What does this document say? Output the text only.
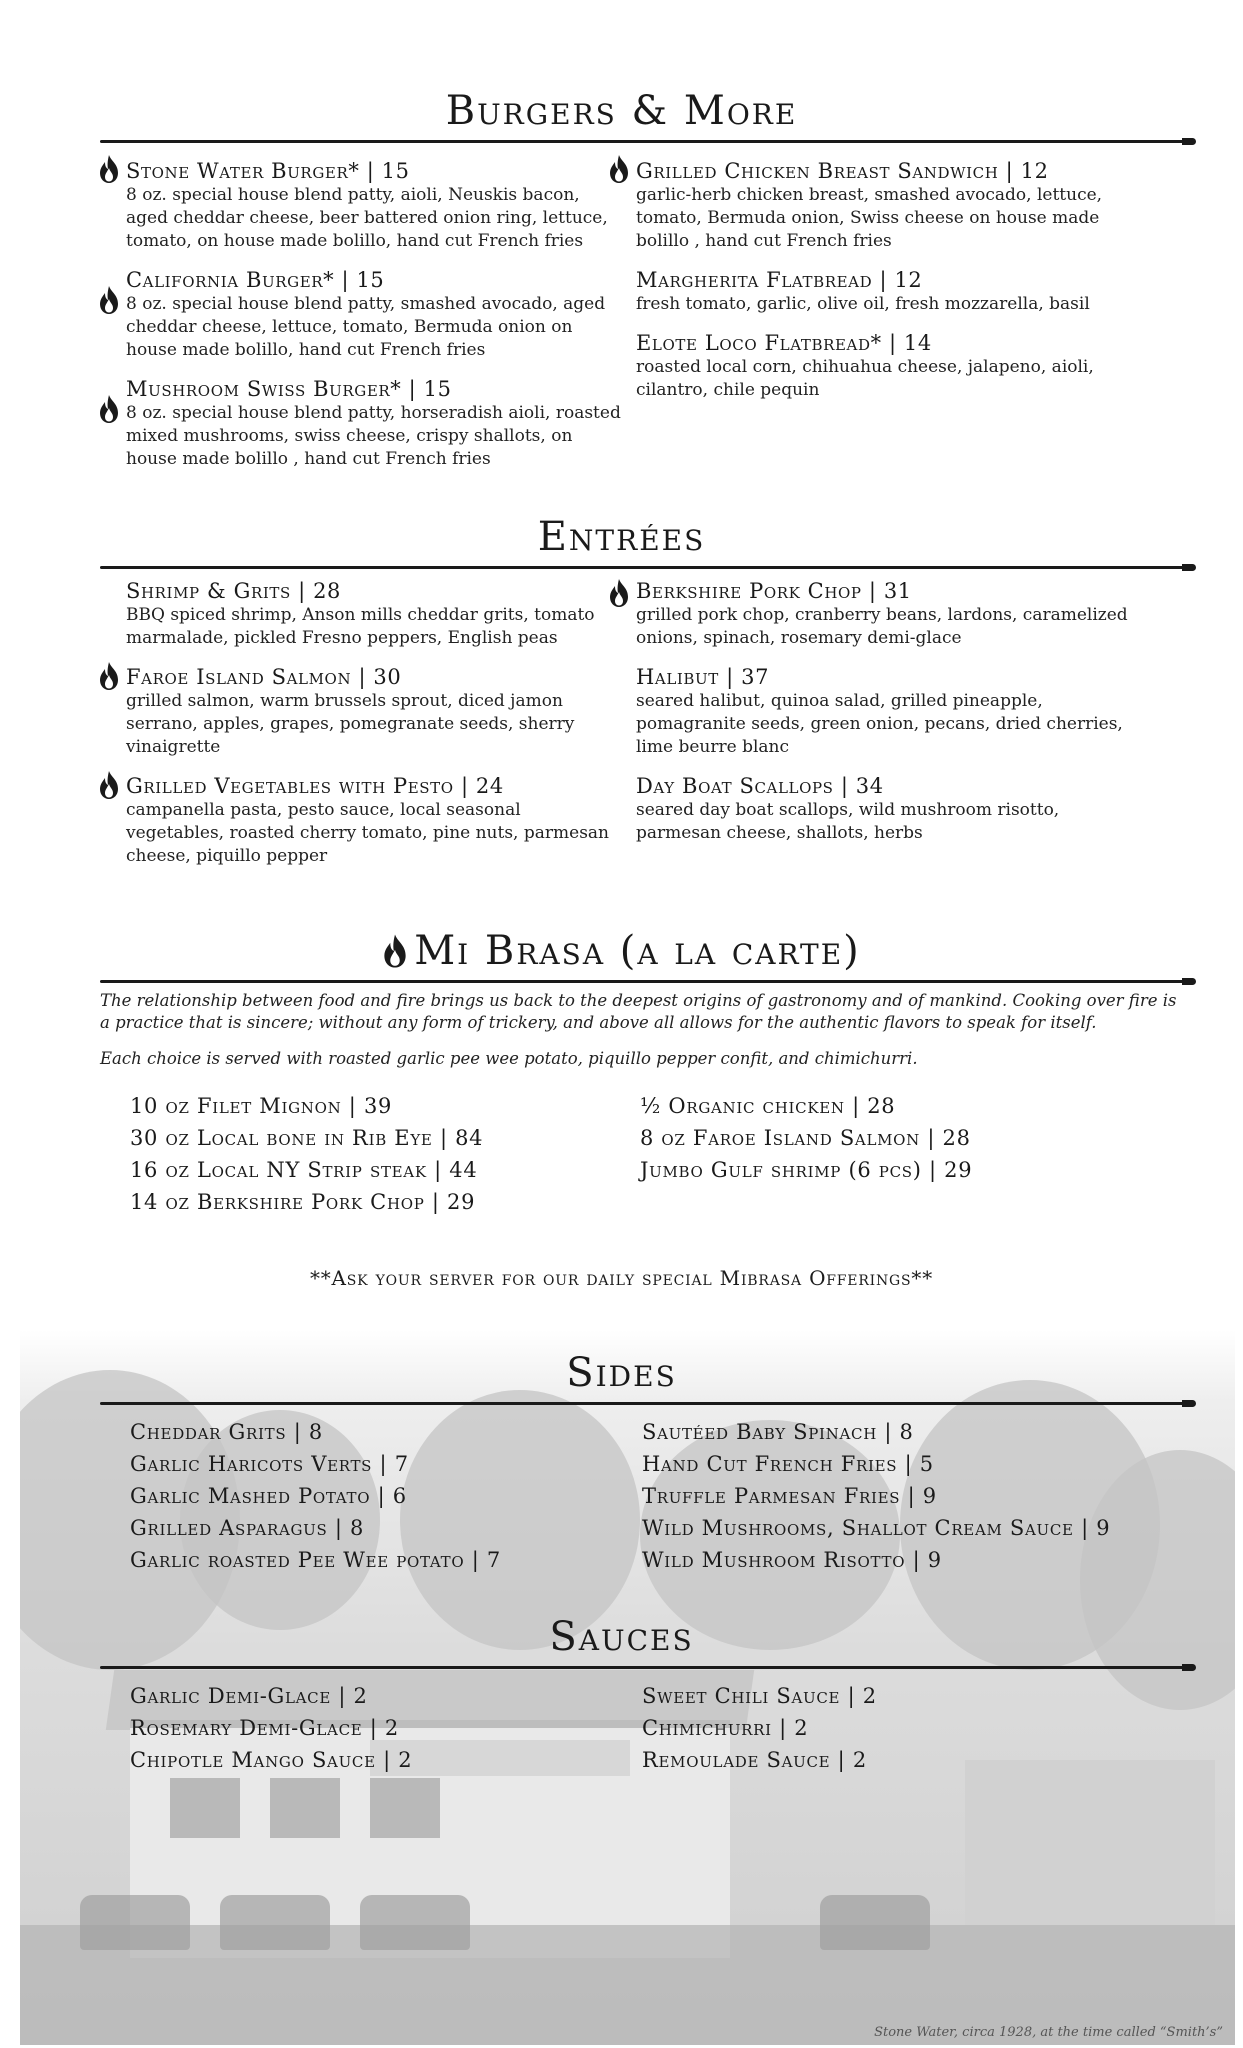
Burgers & More
Stone Water Burger* | 15
8 oz. special house blend patty, aioli, Neuskis bacon, aged cheddar cheese, beer battered onion ring, lettuce, tomato, on house made bolillo, hand cut French fries
California Burger* | 15
8 oz. special house blend patty, smashed avocado, aged cheddar cheese, lettuce, tomato, Bermuda onion on house made bolillo, hand cut French fries
Mushroom Swiss Burger* | 15
8 oz. special house blend patty, horseradish aioli, roasted mixed mushrooms, swiss cheese, crispy shallots, on house made bolillo , hand cut French fries
Grilled Chicken Breast Sandwich | 12
garlic-herb chicken breast, smashed avocado, lettuce, tomato, Bermuda onion, Swiss cheese on house made bolillo , hand cut French fries
Margherita Flatbread | 12
fresh tomato, garlic, olive oil, fresh mozzarella, basil
Elote Loco Flatbread* | 14
roasted local corn, chihuahua cheese, jalapeno, aioli, cilantro, chile pequin
Entrées
Shrimp & Grits | 28
BBQ spiced shrimp, Anson mills cheddar grits, tomato marmalade, pickled Fresno peppers, English peas
Faroe Island Salmon | 30
grilled salmon, warm brussels sprout, diced jamon serrano, apples, grapes, pomegranate seeds, sherry vinaigrette
Grilled Vegetables with Pesto | 24
campanella pasta, pesto sauce, local seasonal vegetables, roasted cherry tomato, pine nuts, parmesan cheese, piquillo pepper
Berkshire Pork Chop | 31
grilled pork chop, cranberry beans, lardons, caramelized onions, spinach, rosemary demi-glace
Halibut | 37
seared halibut, quinoa salad, grilled pineapple, pomagranite seeds, green onion, pecans, dried cherries, lime beurre blanc
Day Boat Scallops | 34
seared day boat scallops, wild mushroom risotto, parmesan cheese, shallots, herbs
Mi Brasa (a la carte)
The relationship between food and fire brings us back to the deepest origins of gastronomy and of mankind. Cooking over fire is a practice that is sincere; without any form of trickery, and above all allows for the authentic flavors to speak for itself.
Each choice is served with roasted garlic pee wee potato, piquillo pepper confit, and chimichurri.
10 oz Filet Mignon | 39
30 oz Local bone in Rib Eye | 84
16 oz Local NY Strip steak | 44
14 oz Berkshire Pork Chop | 29
½ Organic chicken | 28
8 oz Faroe Island Salmon | 28
Jumbo Gulf shrimp (6 pcs) | 29
**Ask your server for our daily special Mibrasa Offerings**
Sides
Cheddar Grits | 8
Garlic Haricots Verts | 7
Garlic Mashed Potato | 6
Grilled Asparagus | 8
Garlic roasted Pee Wee potato | 7
Sautéed Baby Spinach | 8
Hand Cut French Fries | 5
Truffle Parmesan Fries | 9
Wild Mushrooms, Shallot Cream Sauce | 9
Wild Mushroom Risotto | 9
Sauces
Garlic Demi-Glace | 2
Rosemary Demi-Glace | 2
Chipotle Mango Sauce | 2
Sweet Chili Sauce | 2
Chimichurri | 2
Remoulade Sauce | 2
Stone Water, circa 1928, at the time called “Smith’s”
